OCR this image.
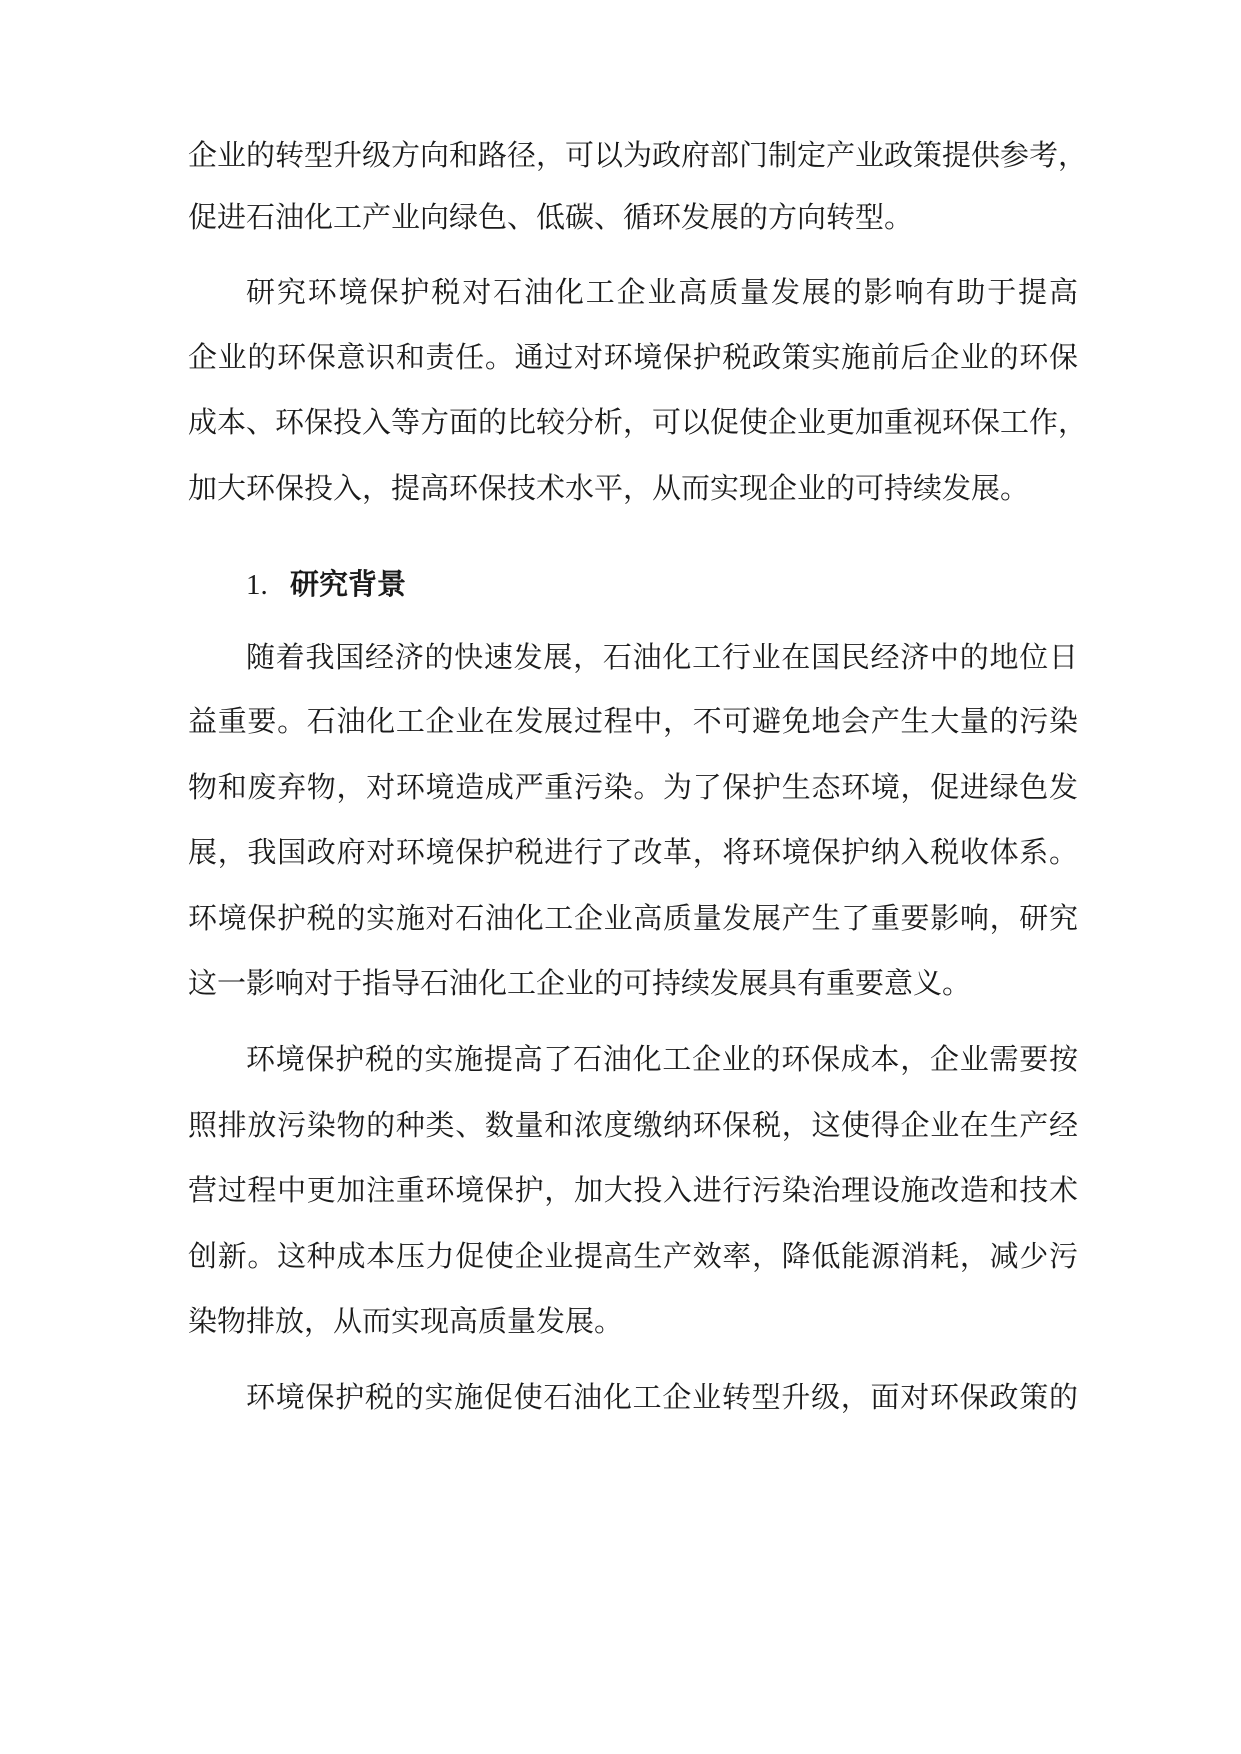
企业的转型升级方向和路径，可以为政府部门制定产业政策提供参考，
促进石油化工产业向绿色、低碳、循环发展的方向转型。
研究环境保护税对石油化工企业高质量发展的影响有助于提高
企业的环保意识和责任。通过对环境保护税政策实施前后企业的环保
成本、环保投入等方面的比较分析，可以促使企业更加重视环保工作，
加大环保投入，提高环保技术水平，从而实现企业的可持续发展。
1. 研究背景
随着我国经济的快速发展，石油化工行业在国民经济中的地位日
益重要。石油化工企业在发展过程中，不可避免地会产生大量的污染
物和废弃物，对环境造成严重污染。为了保护生态环境，促进绿色发
展，我国政府对环境保护税进行了改革，将环境保护纳入税收体系。
环境保护税的实施对石油化工企业高质量发展产生了重要影响，研究
这一影响对于指导石油化工企业的可持续发展具有重要意义。
环境保护税的实施提高了石油化工企业的环保成本，企业需要按
照排放污染物的种类、数量和浓度缴纳环保税，这使得企业在生产经
营过程中更加注重环境保护，加大投入进行污染治理设施改造和技术
创新。这种成本压力促使企业提高生产效率，降低能源消耗，减少污
染物排放，从而实现高质量发展。
环境保护税的实施促使石油化工企业转型升级，面对环保政策的
